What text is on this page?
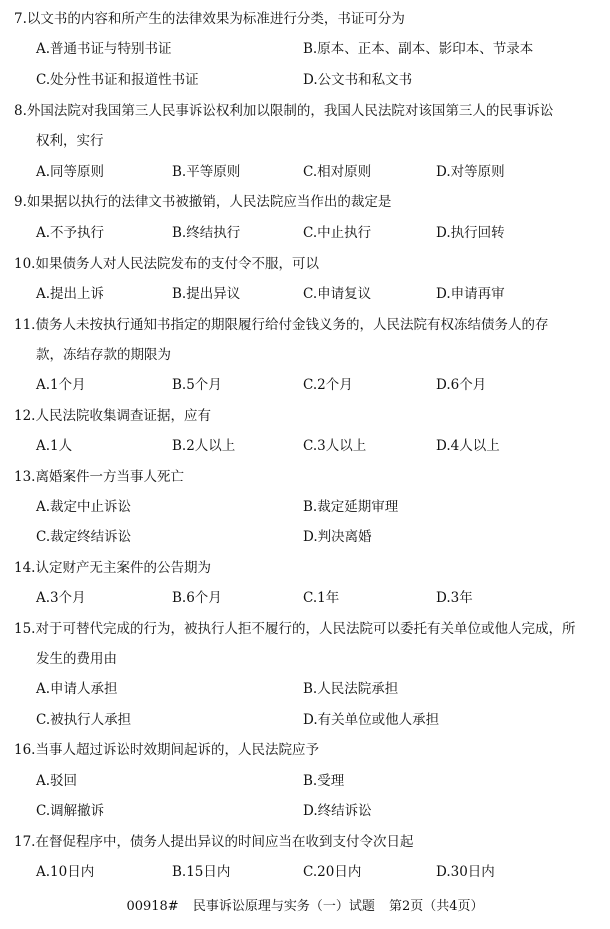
7.以文书的内容和所产生的法律效果为标准进行分类，书证可分为
A.普通书证与特别书证	B.原本、正本、副本、影印本、节录本
C.处分性书证和报道性书证	D.公文书和私文书
8.外国法院对我国第三人民事诉讼权利加以限制的，我国人民法院对该国第三人的民事诉讼
权利，实行
A.同等原则	B.平等原则	C.相对原则	D.对等原则
9.如果据以执行的法律文书被撤销，人民法院应当作出的裁定是
A.不予执行	B.终结执行	C.中止执行	D.执行回转
10.如果债务人对人民法院发布的支付令不服，可以
A.提出上诉	B.提出异议	C.申请复议	D.申请再审
11.债务人未按执行通知书指定的期限履行给付金钱义务的，人民法院有权冻结债务人的存
款，冻结存款的期限为
A.1个月	B.5个月	C.2个月	D.6个月
12.人民法院收集调查证据，应有
A.1人	B.2人以上	C.3人以上	D.4人以上
13.离婚案件一方当事人死亡
A.裁定中止诉讼	B.裁定延期审理
C.裁定终结诉讼	D.判决离婚
14.认定财产无主案件的公告期为
A.3个月	B.6个月	C.1年	D.3年
15.对于可替代完成的行为，被执行人拒不履行的，人民法院可以委托有关单位或他人完成，所
发生的费用由
A.申请人承担	B.人民法院承担
C.被执行人承担	D.有关单位或他人承担
16.当事人超过诉讼时效期间起诉的，人民法院应予
A.驳回	B.受理
C.调解撤诉	D.终结诉讼
17.在督促程序中，债务人提出异议的时间应当在收到支付令次日起
A.10日内	B.15日内	C.20日内	D.30日内
00918# 民事诉讼原理与实务（一）试题 第2页（共4页）
